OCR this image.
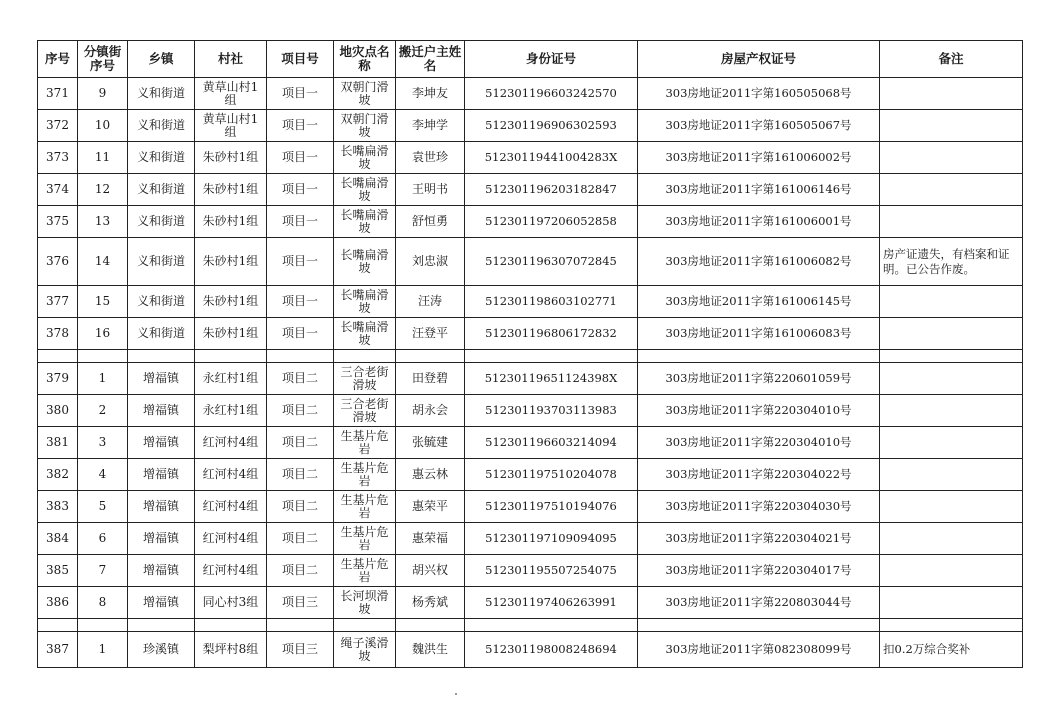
序号	分镇街序号	乡镇	村社	项目号	地灾点名称	搬迁户主姓名	身份证号	房屋产权证号	备注
371	9	义和街道	黄草山村1组	项目一	双朝门滑坡	李坤友	512301196603242570	303房地证2011字第160505068号	
372	10	义和街道	黄草山村1组	项目一	双朝门滑坡	李坤学	512301196906302593	303房地证2011字第160505067号	
373	11	义和街道	朱砂村1组	项目一	长嘴扁滑坡	袁世珍	51230119441004283X	303房地证2011字第161006002号	
374	12	义和街道	朱砂村1组	项目一	长嘴扁滑坡	王明书	512301196203182847	303房地证2011字第161006146号	
375	13	义和街道	朱砂村1组	项目一	长嘴扁滑坡	舒恒勇	512301197206052858	303房地证2011字第161006001号	
376	14	义和街道	朱砂村1组	项目一	长嘴扁滑坡	刘忠淑	512301196307072845	303房地证2011字第161006082号	房产证遗失，有档案和证明。已公告作废。
377	15	义和街道	朱砂村1组	项目一	长嘴扁滑坡	汪涛	512301198603102771	303房地证2011字第161006145号	
378	16	义和街道	朱砂村1组	项目一	长嘴扁滑坡	汪登平	512301196806172832	303房地证2011字第161006083号	

379	1	增福镇	永红村1组	项目二	三合老街滑坡	田登碧	51230119651124398X	303房地证2011字第220601059号	
380	2	增福镇	永红村1组	项目二	三合老街滑坡	胡永会	512301193703113983	303房地证2011字第220304010号	
381	3	增福镇	红河村4组	项目二	生基片危岩	张毓建	512301196603214094	303房地证2011字第220304010号	
382	4	增福镇	红河村4组	项目二	生基片危岩	惠云林	512301197510204078	303房地证2011字第220304022号	
383	5	增福镇	红河村4组	项目二	生基片危岩	惠荣平	512301197510194076	303房地证2011字第220304030号	
384	6	增福镇	红河村4组	项目二	生基片危岩	惠荣福	512301197109094095	303房地证2011字第220304021号	
385	7	增福镇	红河村4组	项目二	生基片危岩	胡兴权	512301195507254075	303房地证2011字第220304017号	
386	8	增福镇	同心村3组	项目三	长河坝滑坡	杨秀斌	512301197406263991	303房地证2011字第220803044号	

387	1	珍溪镇	梨坪村8组	项目三	绳子溪滑坡	魏洪生	512301198008248694	303房地证2011字第082308099号	扣0.2万综合奖补
